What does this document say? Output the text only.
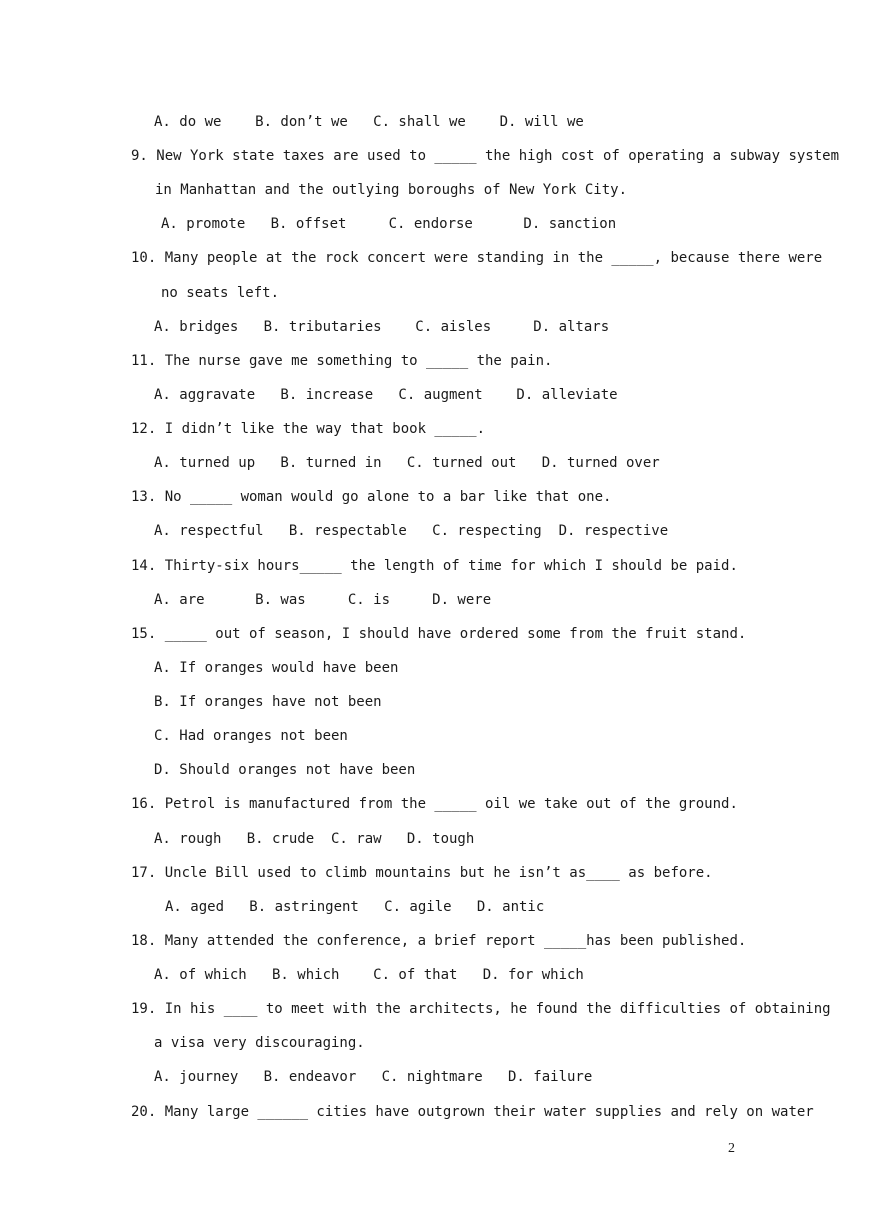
A. do we    B. don’t we   C. shall we    D. will we
9. New York state taxes are used to _____ the high cost of operating a subway system
in Manhattan and the outlying boroughs of New York City.
A. promote   B. offset     C. endorse      D. sanction
10. Many people at the rock concert were standing in the _____, because there were
no seats left.
A. bridges   B. tributaries    C. aisles     D. altars
11. The nurse gave me something to _____ the pain.
A. aggravate   B. increase   C. augment    D. alleviate
12. I didn’t like the way that book _____.
A. turned up   B. turned in   C. turned out   D. turned over
13. No _____ woman would go alone to a bar like that one.
A. respectful   B. respectable   C. respecting  D. respective
14. Thirty-six hours_____ the length of time for which I should be paid.
A. are      B. was     C. is     D. were
15. _____ out of season, I should have ordered some from the fruit stand.
A. If oranges would have been
B. If oranges have not been
C. Had oranges not been
D. Should oranges not have been
16. Petrol is manufactured from the _____ oil we take out of the ground.
A. rough   B. crude  C. raw   D. tough
17. Uncle Bill used to climb mountains but he isn’t as____ as before.
A. aged   B. astringent   C. agile   D. antic
18. Many attended the conference, a brief report _____has been published.
A. of which   B. which    C. of that   D. for which
19. In his ____ to meet with the architects, he found the difficulties of obtaining
a visa very discouraging.
A. journey   B. endeavor   C. nightmare   D. failure
20. Many large ______ cities have outgrown their water supplies and rely on water
2
